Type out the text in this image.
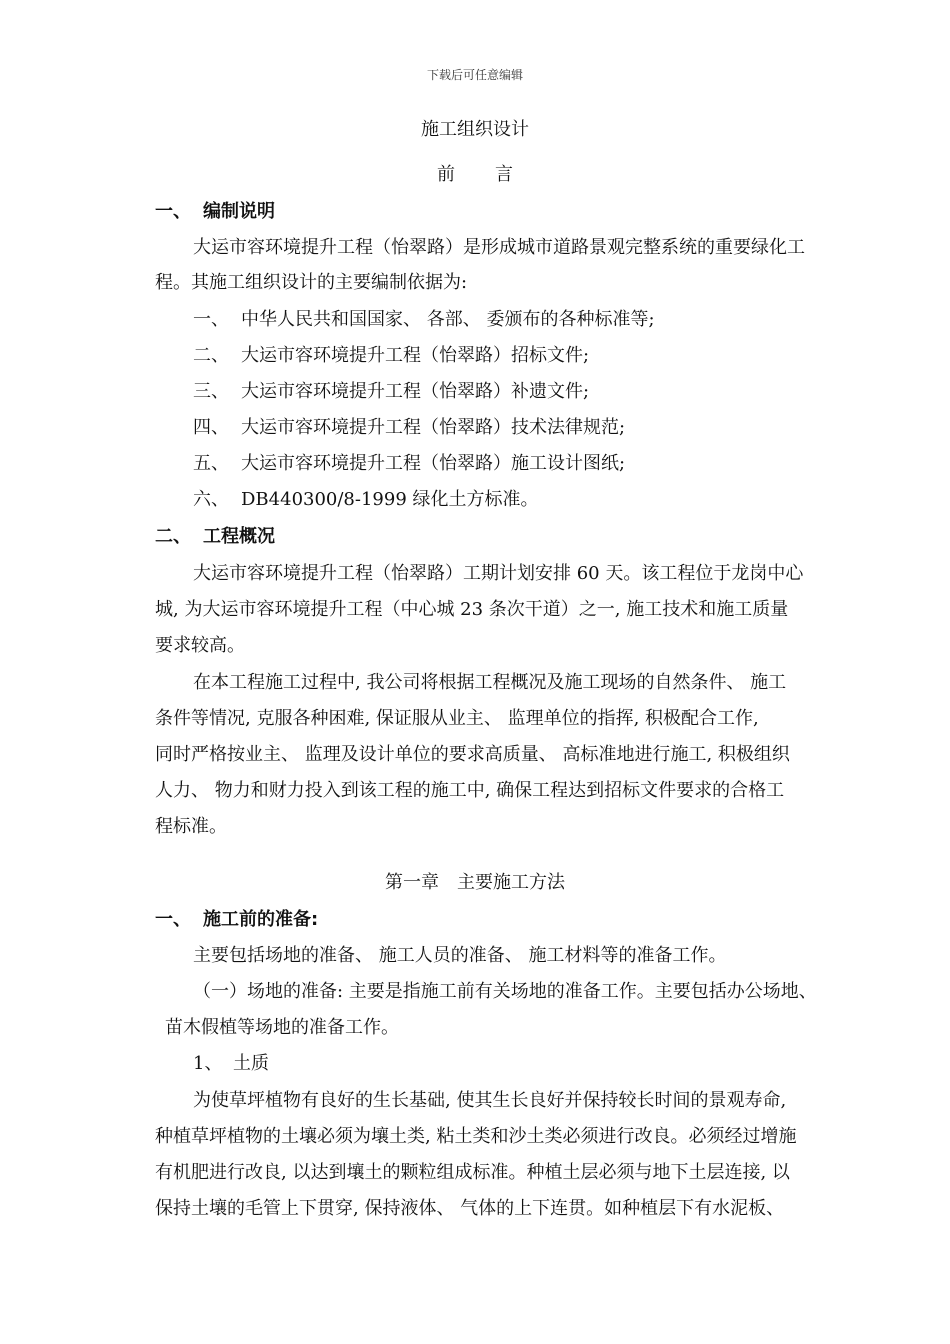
下载后可任意编辑
施工组织设计
前言
一、 编制说明
大运市容环境提升工程（怡翠路）是形成城市道路景观完整系统的重要绿化工
程。其施工组织设计的主要编制依据为:
一、 中华人民共和国国家、 各部、 委颁布的各种标准等;
二、 大运市容环境提升工程（怡翠路）招标文件;
三、 大运市容环境提升工程（怡翠路）补遗文件;
四、 大运市容环境提升工程（怡翠路）技术法律规范;
五、 大运市容环境提升工程（怡翠路）施工设计图纸;
六、 DB440300/8-1999 绿化土方标准。
二、 工程概况
大运市容环境提升工程（怡翠路）工期计划安排 60 天。该工程位于龙岗中心
城, 为大运市容环境提升工程（中心城 23 条次干道）之一, 施工技术和施工质量
要求较高。
在本工程施工过程中, 我公司将根据工程概况及施工现场的自然条件、 施工
条件等情况, 克服各种困难, 保证服从业主、 监理单位的指挥, 积极配合工作,
同时严格按业主、 监理及设计单位的要求高质量、 高标准地进行施工, 积极组织
人力、 物力和财力投入到该工程的施工中, 确保工程达到招标文件要求的合格工
程标准。
第一章　主要施工方法
一、 施工前的准备:
主要包括场地的准备、 施工人员的准备、 施工材料等的准备工作。
（一）场地的准备: 主要是指施工前有关场地的准备工作。主要包括办公场地、
苗木假植等场地的准备工作。
1、 土质
为使草坪植物有良好的生长基础, 使其生长良好并保持较长时间的景观寿命,
种植草坪植物的土壤必须为壤土类, 粘土类和沙土类必须进行改良。必须经过增施
有机肥进行改良, 以达到壤土的颗粒组成标准。种植土层必须与地下土层连接, 以
保持土壤的毛管上下贯穿, 保持液体、 气体的上下连贯。如种植层下有水泥板、
